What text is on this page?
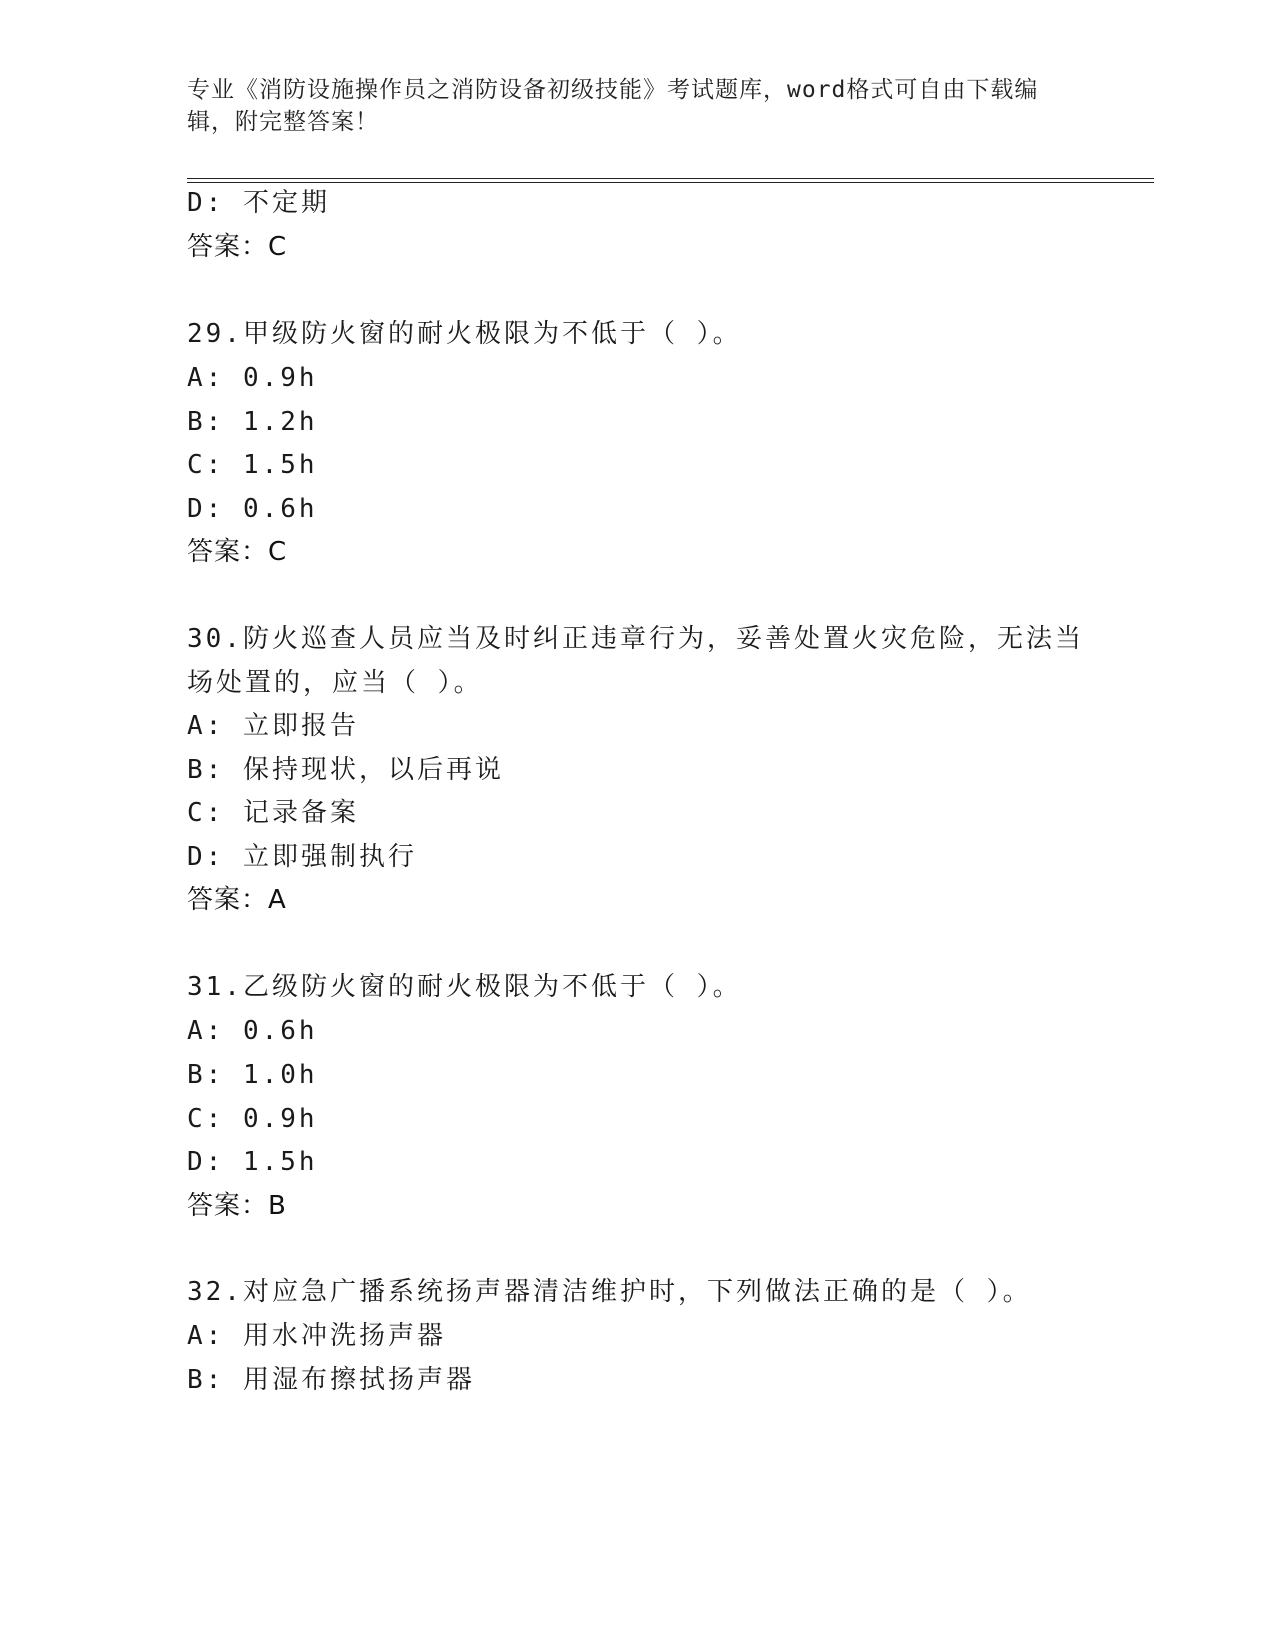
专业《消防设施操作员之消防设备初级技能》考试题库，word格式可自由下载编辑，附完整答案！
D: 不定期
答案：C
29.甲级防火窗的耐火极限为不低于（ ）。
A: 0.9h
B: 1.2h
C: 1.5h
D: 0.6h
答案：C
30.防火巡查人员应当及时纠正违章行为，妥善处置火灾危险，无法当
场处置的，应当（ ）。
A: 立即报告
B: 保持现状，以后再说
C: 记录备案
D: 立即强制执行
答案：A
31.乙级防火窗的耐火极限为不低于（ ）。
A: 0.6h
B: 1.0h
C: 0.9h
D: 1.5h
答案：B
32.对应急广播系统扬声器清洁维护时，下列做法正确的是（ ）。
A: 用水冲洗扬声器
B: 用湿布擦拭扬声器
